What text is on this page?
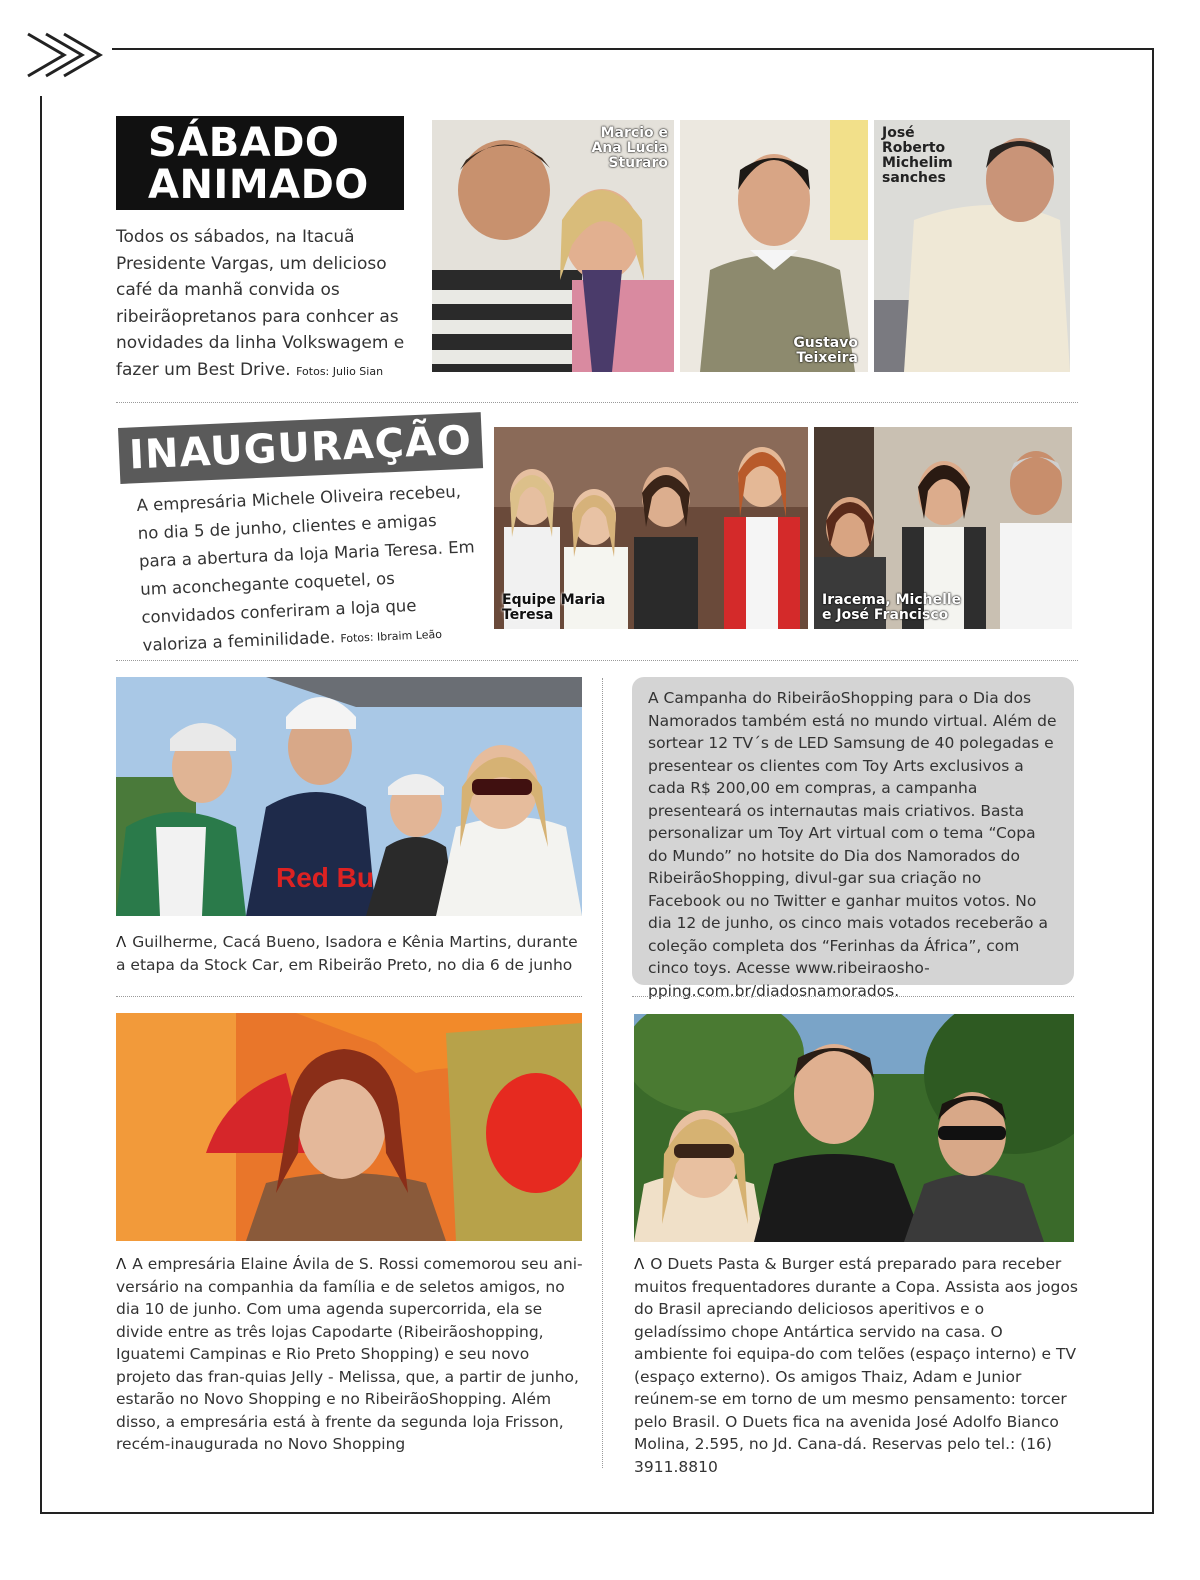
SÁBADO
ANIMADO
Todos os sábados, na Itacuã Presidente Vargas, um delicioso café da manhã convida os ribeirãopretanos para conhcer as novidades da linha Volkswagem e fazer um Best Drive. Fotos: Julio Sian
Marcio e Ana Lucia Sturaro
Gustavo Teixeira
José Roberto Michelim sanches
INAUGURAÇÃO
A empresária Michele Oliveira recebeu, no dia 5 de junho, clientes e amigas para a abertura da loja Maria Teresa. Em um aconchegante coquetel, os convidados conferiram a loja que valoriza a feminilidade. Fotos: Ibraim Leão
Equipe Maria Teresa
Iracema, Michelle e José Francisco
Red Bu
Λ Guilherme, Cacá Bueno, Isadora e Kênia Martins, durante a etapa da Stock Car, em Ribeirão Preto, no dia 6 de junho
A Campanha do RibeirãoShopping para o Dia dos Namorados também está no mundo virtual. Além de sortear 12 TV´s de LED Samsung de 40 polegadas e presentear os clientes com Toy Arts exclusivos a cada R$ 200,00 em compras, a campanha presenteará os internautas mais criativos. Basta personalizar um Toy Art virtual com o tema “Copa do Mundo” no hotsite do Dia dos Namorados do RibeirãoShopping, divul-gar sua criação no Facebook ou no Twitter e ganhar muitos votos. No dia 12 de junho, os cinco mais votados receberão a coleção completa dos “Ferinhas da África”, com cinco toys. Acesse www.ribeiraosho-pping.com.br/diadosnamorados.
Λ A empresária Elaine Ávila de S. Rossi comemorou seu ani-versário na companhia da família e de seletos amigos, no dia 10 de junho. Com uma agenda supercorrida, ela se divide entre as três lojas Capodarte (Ribeirãoshopping, Iguatemi Campinas e Rio Preto Shopping) e seu novo projeto das fran-quias Jelly - Melissa, que, a partir de junho, estarão no Novo Shopping e no RibeirãoShopping. Além disso, a empresária está à frente da segunda loja Frisson, recém-inaugurada no Novo Shopping
Λ O Duets Pasta & Burger está preparado para receber muitos frequentadores durante a Copa. Assista aos jogos do Brasil apreciando deliciosos aperitivos e o geladíssimo chope Antártica servido na casa. O ambiente foi equipa-do com telões (espaço interno) e TV (espaço externo). Os amigos Thaiz, Adam e Junior reúnem-se em torno de um mesmo pensamento: torcer pelo Brasil. O Duets fica na avenida José Adolfo Bianco Molina, 2.595, no Jd. Cana-dá. Reservas pelo tel.: (16) 3911.8810
